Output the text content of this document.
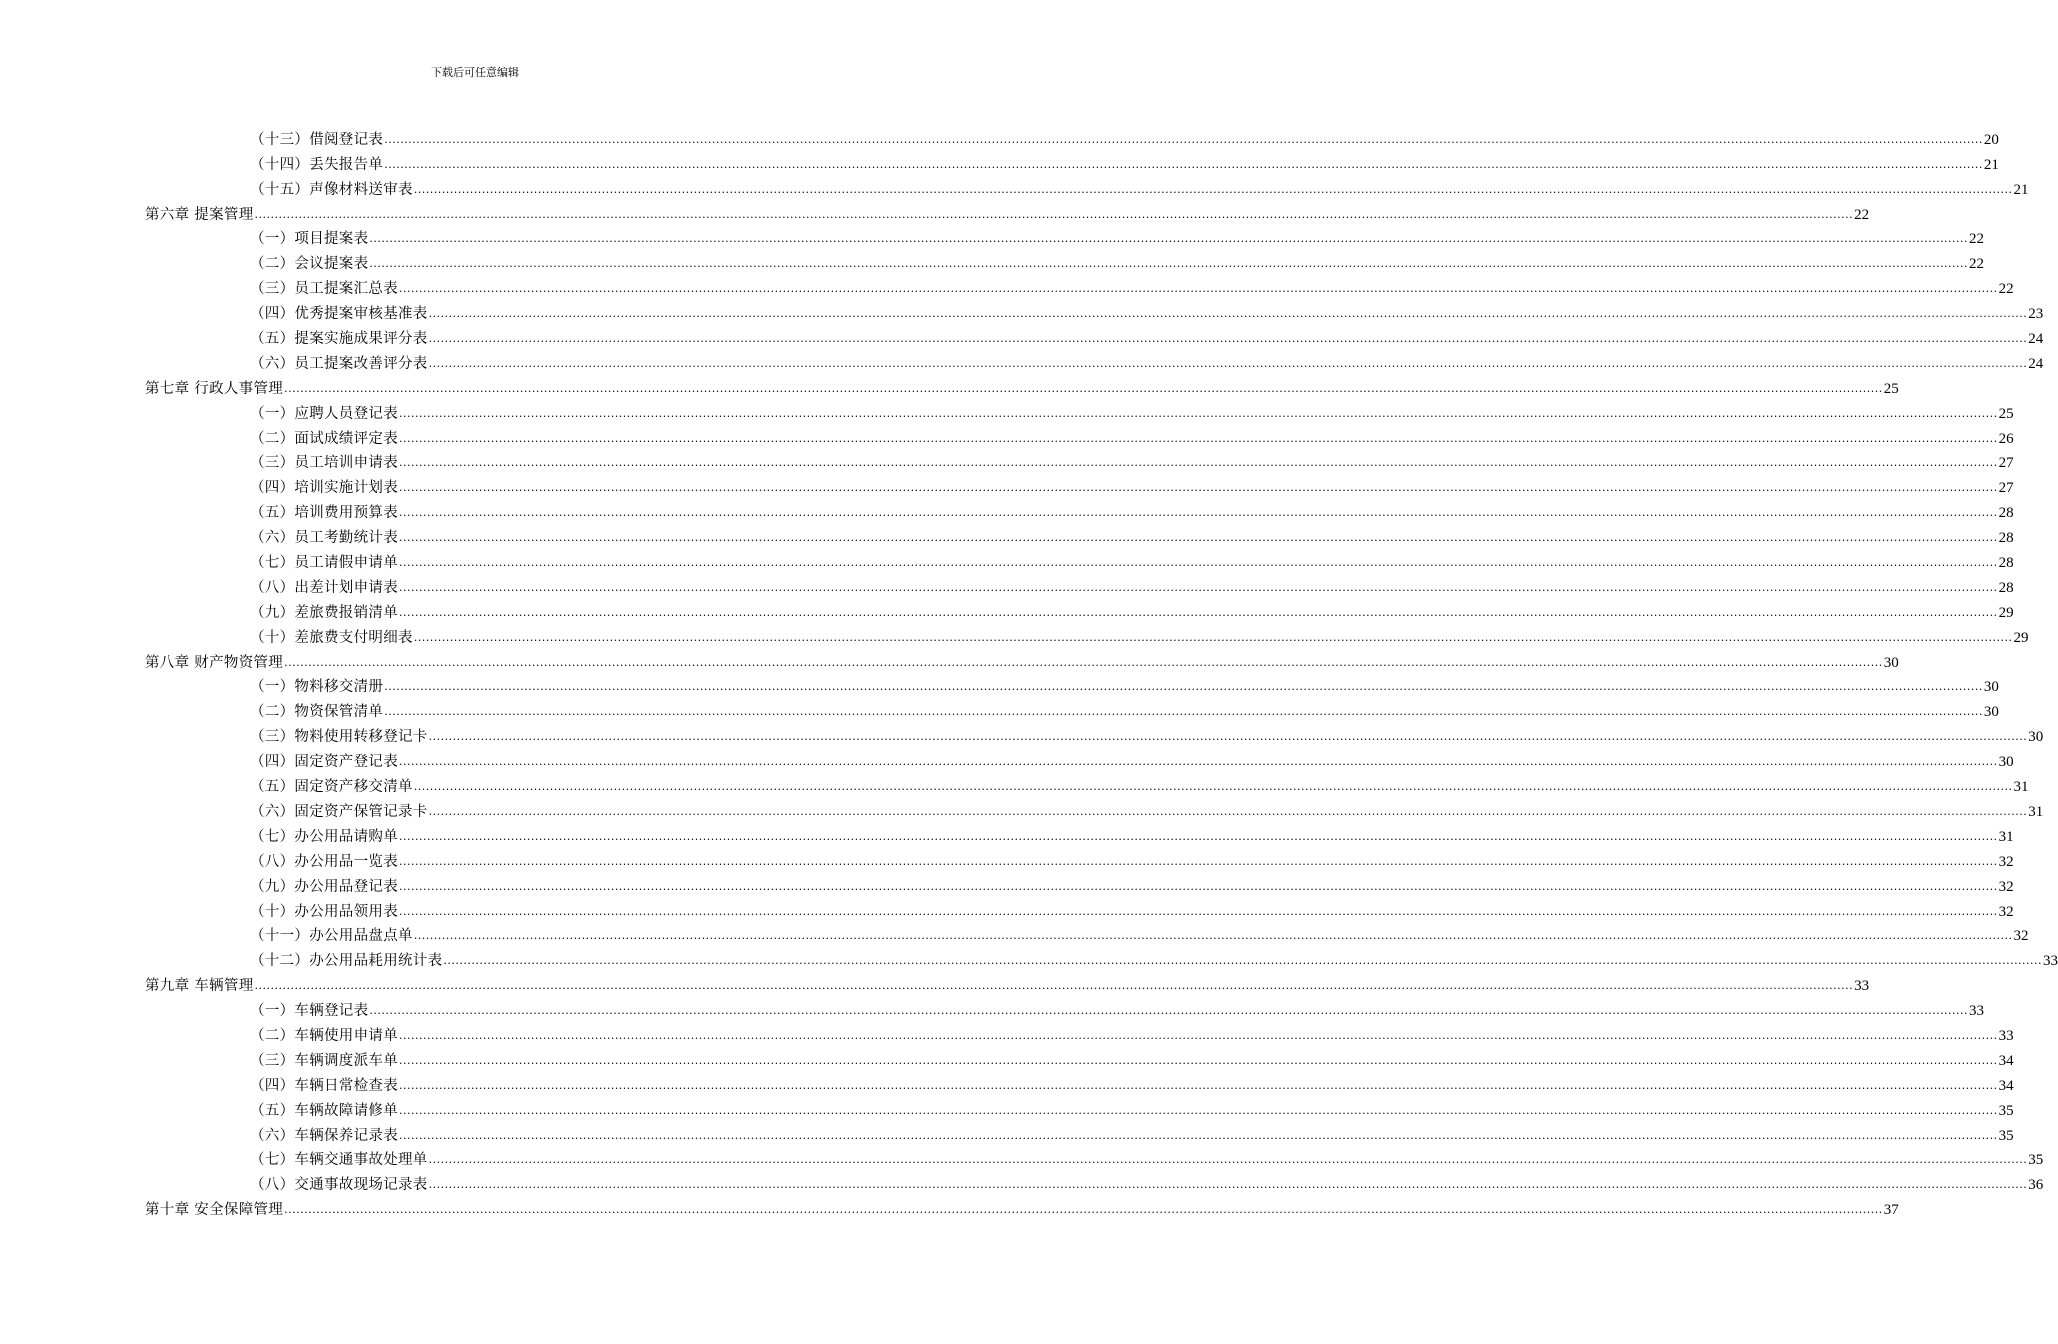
下载后可任意编辑
（十三）借阅登记表 ................................................................................................................................................................................................................................................................................................................................................................................................................ 20
（十四）丢失报告单 ................................................................................................................................................................................................................................................................................................................................................................................................................ 21
（十五）声像材料送审表 ................................................................................................................................................................................................................................................................................................................................................................................................................ 21
第六章 提案管理 ................................................................................................................................................................................................................................................................................................................................................................................................................ 22
（一）项目提案表 ................................................................................................................................................................................................................................................................................................................................................................................................................ 22
（二）会议提案表 ................................................................................................................................................................................................................................................................................................................................................................................................................ 22
（三）员工提案汇总表 ................................................................................................................................................................................................................................................................................................................................................................................................................ 22
（四）优秀提案审核基准表 ................................................................................................................................................................................................................................................................................................................................................................................................................ 23
（五）提案实施成果评分表 ................................................................................................................................................................................................................................................................................................................................................................................................................ 24
（六）员工提案改善评分表 ................................................................................................................................................................................................................................................................................................................................................................................................................ 24
第七章 行政人事管理 ................................................................................................................................................................................................................................................................................................................................................................................................................ 25
（一）应聘人员登记表 ................................................................................................................................................................................................................................................................................................................................................................................................................ 25
（二）面试成绩评定表 ................................................................................................................................................................................................................................................................................................................................................................................................................ 26
（三）员工培训申请表 ................................................................................................................................................................................................................................................................................................................................................................................................................ 27
（四）培训实施计划表 ................................................................................................................................................................................................................................................................................................................................................................................................................ 27
（五）培训费用预算表 ................................................................................................................................................................................................................................................................................................................................................................................................................ 28
（六）员工考勤统计表 ................................................................................................................................................................................................................................................................................................................................................................................................................ 28
（七）员工请假申请单 ................................................................................................................................................................................................................................................................................................................................................................................................................ 28
（八）出差计划申请表 ................................................................................................................................................................................................................................................................................................................................................................................................................ 28
（九）差旅费报销清单 ................................................................................................................................................................................................................................................................................................................................................................................................................ 29
（十）差旅费支付明细表 ................................................................................................................................................................................................................................................................................................................................................................................................................ 29
第八章 财产物资管理 ................................................................................................................................................................................................................................................................................................................................................................................................................ 30
（一）物料移交清册 ................................................................................................................................................................................................................................................................................................................................................................................................................ 30
（二）物资保管清单 ................................................................................................................................................................................................................................................................................................................................................................................................................ 30
（三）物料使用转移登记卡 ................................................................................................................................................................................................................................................................................................................................................................................................................ 30
（四）固定资产登记表 ................................................................................................................................................................................................................................................................................................................................................................................................................ 30
（五）固定资产移交清单 ................................................................................................................................................................................................................................................................................................................................................................................................................ 31
（六）固定资产保管记录卡 ................................................................................................................................................................................................................................................................................................................................................................................................................ 31
（七）办公用品请购单 ................................................................................................................................................................................................................................................................................................................................................................................................................ 31
（八）办公用品一览表 ................................................................................................................................................................................................................................................................................................................................................................................................................ 32
（九）办公用品登记表 ................................................................................................................................................................................................................................................................................................................................................................................................................ 32
（十）办公用品领用表 ................................................................................................................................................................................................................................................................................................................................................................................................................ 32
（十一）办公用品盘点单 ................................................................................................................................................................................................................................................................................................................................................................................................................ 32
（十二）办公用品耗用统计表 ................................................................................................................................................................................................................................................................................................................................................................................................................ 33
第九章 车辆管理 ................................................................................................................................................................................................................................................................................................................................................................................................................ 33
（一）车辆登记表 ................................................................................................................................................................................................................................................................................................................................................................................................................ 33
（二）车辆使用申请单 ................................................................................................................................................................................................................................................................................................................................................................................................................ 33
（三）车辆调度派车单 ................................................................................................................................................................................................................................................................................................................................................................................................................ 34
（四）车辆日常检查表 ................................................................................................................................................................................................................................................................................................................................................................................................................ 34
（五）车辆故障请修单 ................................................................................................................................................................................................................................................................................................................................................................................................................ 35
（六）车辆保养记录表 ................................................................................................................................................................................................................................................................................................................................................................................................................ 35
（七）车辆交通事故处理单 ................................................................................................................................................................................................................................................................................................................................................................................................................ 35
（八）交通事故现场记录表 ................................................................................................................................................................................................................................................................................................................................................................................................................ 36
第十章 安全保障管理 ................................................................................................................................................................................................................................................................................................................................................................................................................ 37
